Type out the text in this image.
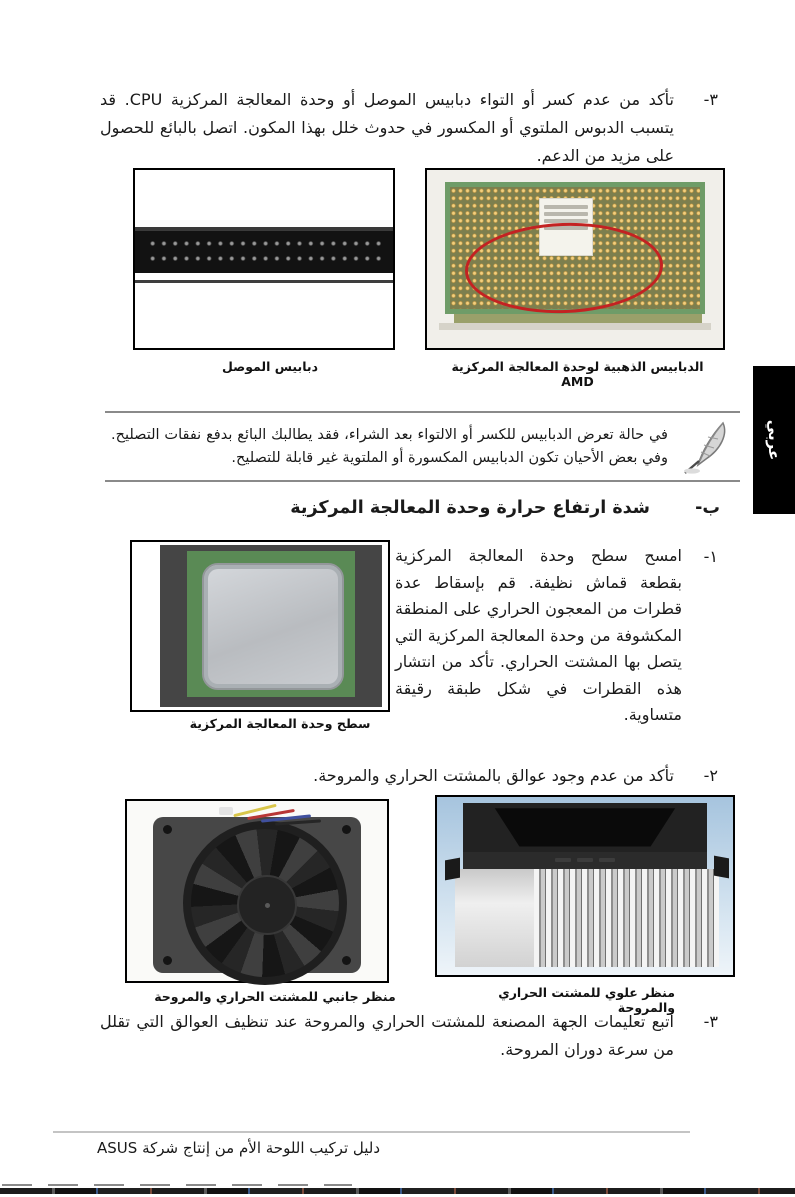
٣-
تأكد من عدم كسر أو التواء دبابيس الموصل أو وحدة المعالجة المركزية CPU. قد يتسبب الدبوس الملتوي أو المكسور في حدوث خلل بهذا المكون. اتصل بالبائع للحصول على مزيد من الدعم.
دبابيس الموصل	الدبابيس الذهبية لوحدة المعالجة المركزية AMD
في حالة تعرض الدبابيس للكسر أو الالتواء بعد الشراء، فقد يطالبك البائع بدفع نفقات التصليح. وفي بعض الأحيان تكون الدبابيس المكسورة أو الملتوية غير قابلة للتصليح.	عربي
ب-
شدة ارتفاع حرارة وحدة المعالجة المركزية
١-
امسح سطح وحدة المعالجة المركزية بقطعة قماش نظيفة. قم بإسقاط عدة قطرات من المعجون الحراري على المنطقة المكشوفة من وحدة المعالجة المركزية التي يتصل بها المشتت الحراري. تأكد من انتشار هذه القطرات في شكل طبقة رقيقة متساوية.
سطح وحدة المعالجة المركزية
٢-
تأكد من عدم وجود عوالق بالمشتت الحراري والمروحة.
منظر جانبي للمشتت الحراري والمروحة	منظر علوي للمشتت الحراري والمروحة
٣-
اتبع تعليمات الجهة المصنعة للمشتت الحراري والمروحة عند تنظيف العوالق التي تقلل من سرعة دوران المروحة.
دليل تركيب اللوحة الأم من إنتاج شركة ASUS
